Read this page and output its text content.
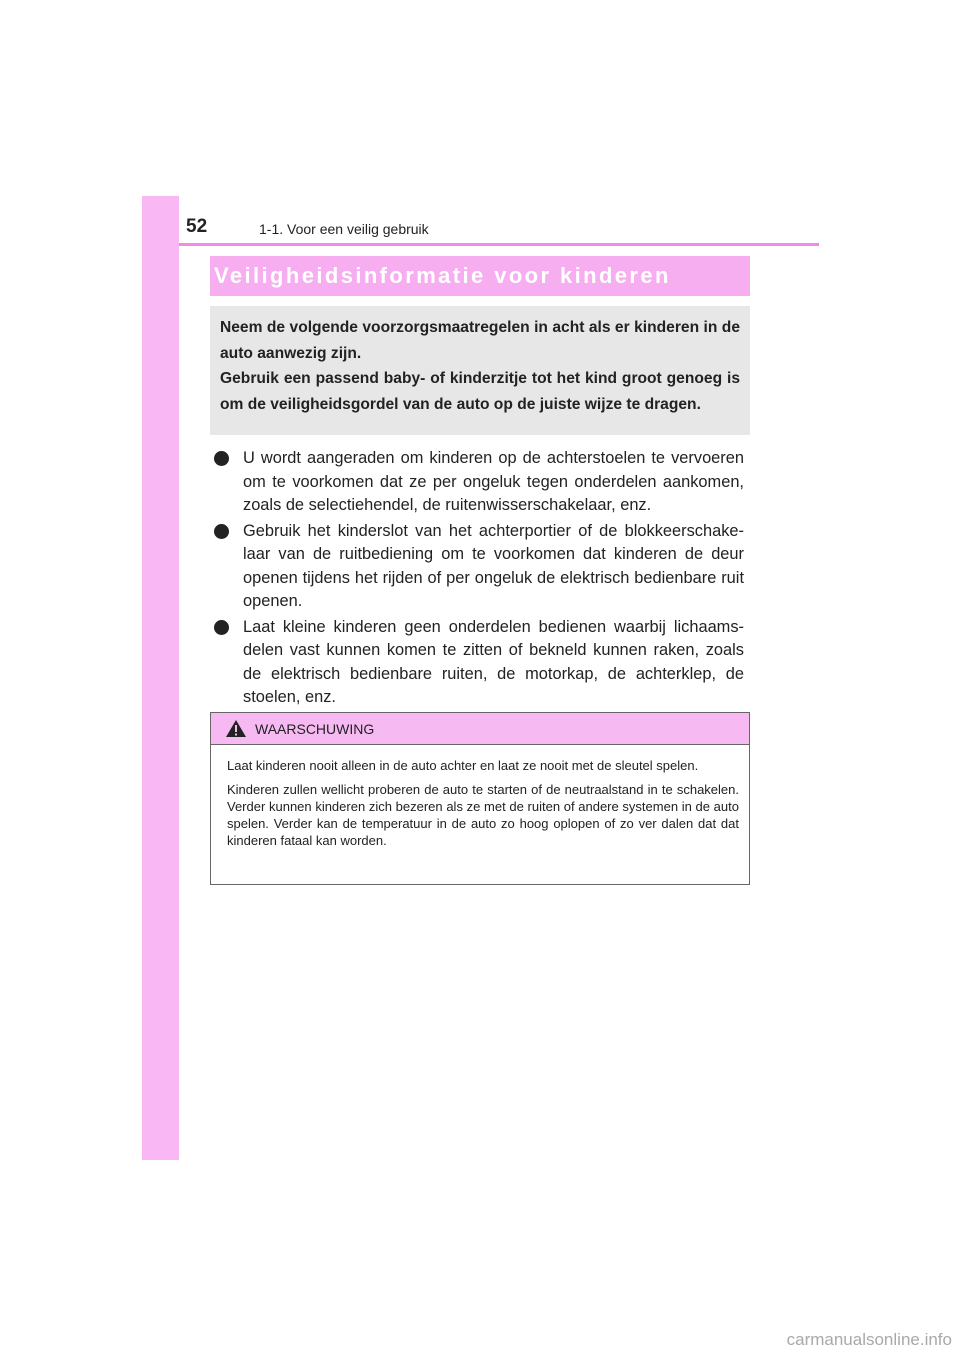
52	1-1. Voor een veilig gebruik
Veiligheidsinformatie voor kinderen

Neem de volgende voorzorgsmaatregelen in acht als er kinderen in de auto aanwezig zijn.

Gebruik een passend baby- of kinderzitje tot het kind groot genoeg is om de veiligheidsgordel van de auto op de juiste wijze te dragen.

U wordt aangeraden om kinderen op de achterstoelen te vervoeren om te voorkomen dat ze per ongeluk tegen onderdelen aankomen, zoals de selectiehendel, de ruitenwisserschakelaar, enz.
Gebruik het kinderslot van het achterportier of de blokkeerschake-laar van de ruitbediening om te voorkomen dat kinderen de deur openen tijdens het rijden of per ongeluk de elektrisch bedienbare ruit openen.
Laat kleine kinderen geen onderdelen bedienen waarbij lichaams-delen vast kunnen komen te zitten of bekneld kunnen raken, zoals de elektrisch bedienbare ruiten, de motorkap, de achterklep, de stoelen, enz.
WAARSCHUWING

Laat kinderen nooit alleen in de auto achter en laat ze nooit met de sleutel spelen.

Kinderen zullen wellicht proberen de auto te starten of de neutraalstand in te schakelen. Verder kunnen kinderen zich bezeren als ze met de ruiten of andere systemen in de auto spelen. Verder kan de temperatuur in de auto zo hoog oplopen of zo ver dalen dat dat kinderen fataal kan worden.

carmanualsonline.info
